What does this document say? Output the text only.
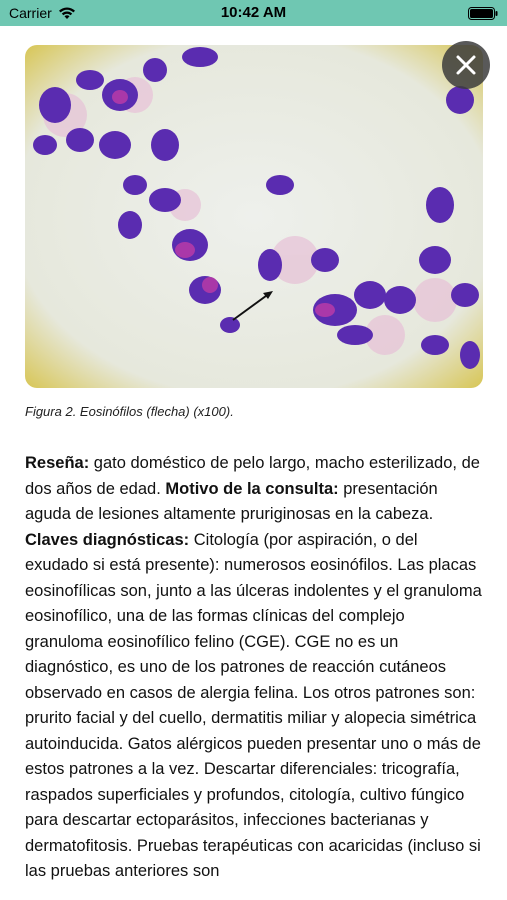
Carrier	10:42 AM
Figura 2. Eosinófilos (flecha) (x100).
Reseña: gato doméstico de pelo largo, macho esterilizado, de dos años de edad. Motivo de la consulta: presentación aguda de lesiones altamente pruriginosas en la cabeza. Claves diagnósticas: Citología (por aspiración, o del exudado si está presente): numerosos eosinófilos. Las placas eosinofílicas son, junto a las úlceras indolentes y el granuloma eosinofílico, una de las formas clínicas del complejo granuloma eosinofílico felino (CGE). CGE no es un diagnóstico, es uno de los patrones de reacción cutáneos observado en casos de alergia felina. Los otros patrones son: prurito facial y del cuello, dermatitis miliar y alopecia simétrica autoinducida. Gatos alérgicos pueden presentar uno o más de estos patrones a la vez. Descartar diferenciales: tricografía, raspados superficiales y profundos, citología, cultivo fúngico para descartar ectoparásitos, infecciones bacterianas y dermatofitosis. Pruebas terapéuticas con acaricidas (incluso si las pruebas anteriores son
